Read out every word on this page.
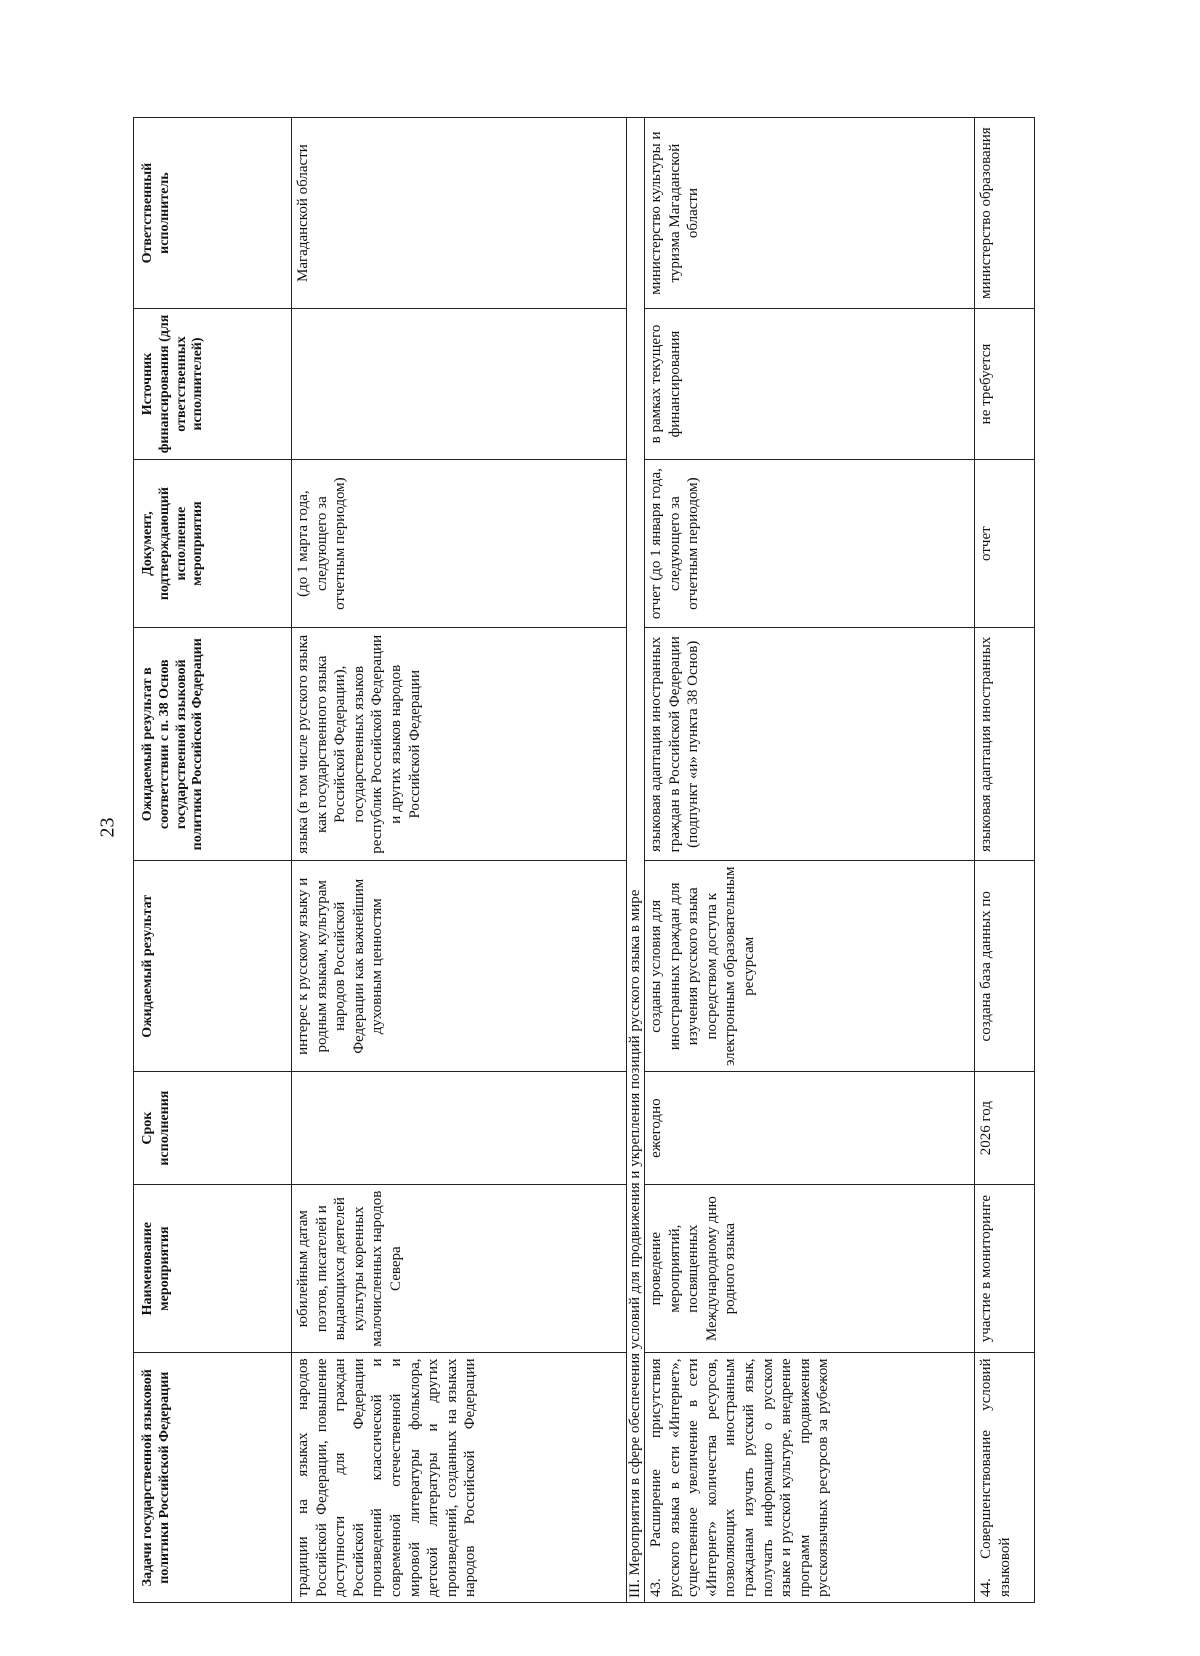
23
Задачи государственной языковой политики Российской Федерации	Наименование мероприятия	Срок исполнения	Ожидаемый результат	Ожидаемый результат в соответствии с п. 38 Основ государственной языковой политики Российской Федерации	Документ, подтверждающий исполнение мероприятия	Источник финансирования (для ответственных исполнителей)	Ответственный исполнитель
традиции на языках народов Российской Федерации, повышение доступности для граждан Российской Федерации произведений классической и современной отечественной и мировой литературы фольклора, детской литературы и других произведений, созданных на языках народов Российской Федерации	юбилейным датам поэтов, писателей и выдающихся деятелей культуры коренных малочисленных народов Севера		интерес к русскому языку и родным языкам, культурам народов Российской Федерации как важнейшим духовным ценностям	языка (в том числе русского языка как государственного языка Российской Федерации), государственных языков республик Российской Федерации и других языков народов Российской Федерации	(до 1 марта года, следующего за отчетным периодом)		Магаданской области
III. Мероприятия в сфере обеспечения условий для продвижения и укрепления позиций русского языка в мире							
43. Расширение присутствия русского языка в сети «Интернет», существенное увеличение в сети «Интернет» количества ресурсов, позволяющих иностранным гражданам изучать русский язык, получать информацию о русском языке и русской культуре, внедрение программ продвижения русскоязычных ресурсов за рубежом	проведение мероприятий, посвященных Международному дню родного языка	ежегодно	созданы условия для иностранных граждан для изучения русского языка посредством доступа к электронным образовательным ресурсам	языковая адаптация иностранных граждан в Российской Федерации (подпункт «и» пункта 38 Основ)	отчет (до 1 января года, следующего за отчетным периодом)	в рамках текущего финансирования	министерство культуры и туризма Магаданской области
44. Совершенствование условий языковой	участие в мониторинге	2026 год	создана база данных по	языковая адаптация иностранных	отчет	не требуется	министерство образования
